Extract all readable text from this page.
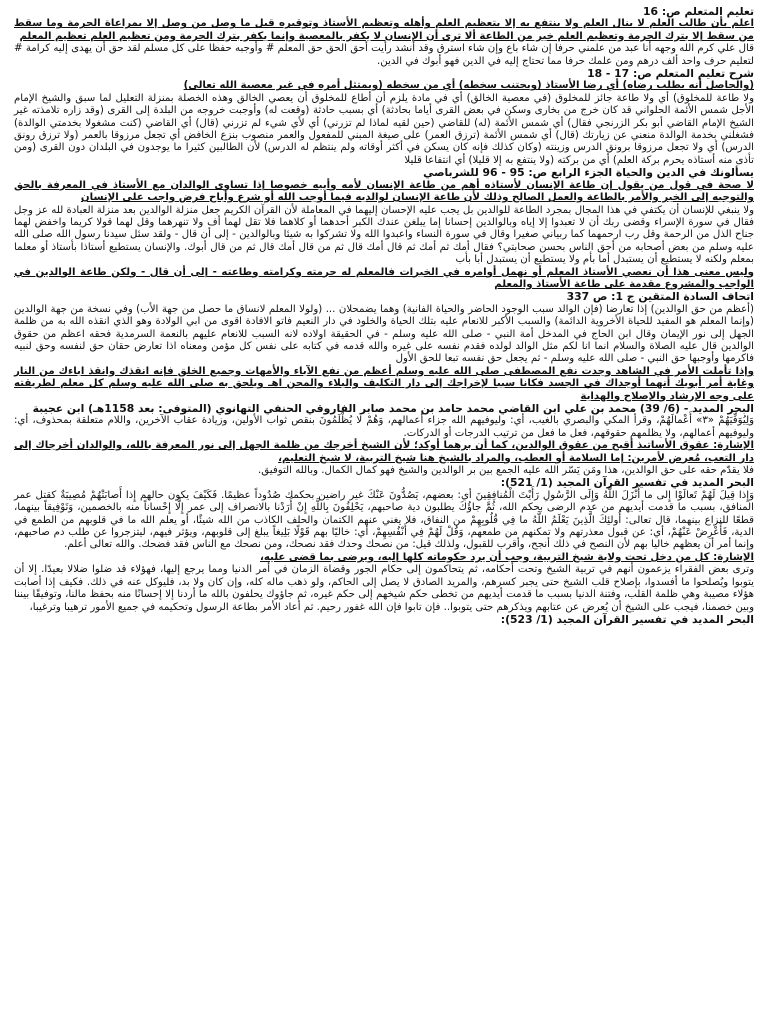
تعليم المتعلم ص: 16
اعلم بأن طالب العلم لا ينال العلم ولا ينتفع به إلا بتعظيم العلم وأهله وتعظيم الأستاذ وتوقيره قيل ما وصل من وصل إلا بمراعاة الحرمة وما سقط من سقط إلا بترك الحرمة وتعظيم العلم خير من الطاعة ألا ترى أن الإنسان لا يكفر بالمعصية وإنما يكفر بترك الحرمة ومن تعظيم العلم تعظيم المعلم

قال علي كرم الله وجهه أنا عبد من علمني حرفا إن شاء باع وإن شاء استرق وقد أنشد رأيت أحق الحق حق المعلم # وأوجبه حفظا على كل مسلم لقد حق أن يهدى إليه كرامة # لتعليم حرف واحد ألف درهم ومن علمك حرفا مما تحتاج إليه في الدين فهو أبوك في الدين.

شرح تعليم المتعلم ص: 17 - 18
(والحاصل أنه يطلب رضاه) أي رضا الأستاذ (ويجتنب سخطه) أي من سخطه (ويمتثل أمره في غير معصية الله تعالى)

ولا طاعة للمخلوق) أي ولا طاعة جائز للمخلوق (في معصية الخالق) أي في مادة يلزم أن أطاع للمخلوق أن يعصي الخالق وهذه الخصلة بمنزلة التعليل لما سبق والشيخ الإمام الأجل شمس الأئمة الحلواني قد كان خرج من بخارى وسكن في بعض القرى أياما بحادثة) أي بسبب حادثة (وقعت له) وأوجبت خروجه من البلدة إلى القرى (وقد زاره تلامذته غير الشيخ الإمام القاضي أبو بكر الزرنجي فقال) أي شمس الأئمة (له) للقاضي (حين لقيه لماذا لم تزرني) أي لأي شيء لم تزرني (قال) أي القاضي (كنت مشغولا بخدمتي الوالدة) فشغلني بخدمة الوالدة منعني عن زيارتك (قال) أي شمس الأئمة (ترزق العمر) على صيغة المبني للمفعول والعمر منصوب بنزع الخافض أي تجعل مرزوقا بالعمر (ولا ترزق رونق الدرس) أي ولا تجعل مرزوقا برونق الدرس وزينته (وكان كذلك فإنه كان يسكن في أكثر أوقاته ولم ينتظم له الدرس) لأن الطالبين كثيرا ما يوجدون في البلدان دون القرى (ومن تأذى منه أستاذه يحرم بركة العلم) أي من بركته (ولا ينتفع به إلا قليلا) أي انتفاعا قليلا

يسألونك في الدين والحياة الجزء الرابع ص: 95 - 96 للشرباصي
لا صحة في قول من يقول إن طاعة الإنسان لأستاذه أهم من طاعة الإنسان لأمه وأبيه خصوصا إذا تساوى الوالدان مع الأستاذ في المعرفة بالحق والتوجيه إلى الخير والأمر بالطاعة والعمل الصالح وذلك لأن طاعة الإنسان لوالديه فيما أوجب الله أو شرع وأباح فرض واجب على الإنسان

ولا ينبغي للإنسان أن يكتفي في هذا المجال بمجرد الطاعة للوالدين بل يجب عليه الإحسان إليهما في المعاملة لأن القرآن الكريم جعل منزلة الوالدين بعد منزلة العبادة لله عز وجل فقال في سورة الإسراء وقضى ربك أن لا تعبدوا إلا إياه وبالوالدين إحسانا إما يبلغن عندك الكبر أحدهما أو كلاهما فلا تقل لهما أف ولا تنهرهما وقل لهما قولا كريما واخفض لهما جناح الذل من الرحمة وقل رب ارحمهما كما ربياني صغيرا وقال في سورة النساء واعبدوا الله ولا تشركوا به شيئا وبالوالدين - إلى أن قال - ولقد سئل سيدنا رسول الله صلى الله عليه وسلم من بعض أصحابه من أحق الناس بحسن صحابتي؟ فقال أمك ثم أمك ثم قال أمك قال ثم من قال أمك قال ثم من قال أبوك. والإنسان يستطيع أستاذا بأستاذ أو معلما بمعلم ولكنه لا يستطيع أن يستبدل أما بأم ولا يستطيع أن يستبدل أبا بأب

وليس معنى هذا أن نعصي الأستاذ المعلم أو نهمل أوامره في الخيرات فالمعلم له حرمته وكرامته وطاعته - إلى أن قال - ولكن طاعة الوالدين في الواجب والمشروع مقدمة على طاعة الأستاذ والمعلم
اتحاف السادة المتقين ج 1: ص 337

(أعظم من حق الوالدين) إذا تعارضا (فإن الوالد سبب الوجود الحاضر والحياة الفانية) وهما يضمحلان ... (ولولا المعلم لانساق ما حصل من جهة الأب) وفي نسخة من جهة الوالدين (وإنما المعلم هو المفيد للحياة الأخروية الدائمة) والسبب الأكبر للانعام عليه بتلك الحياة والخلود في دار النعيم فاتو الافادة اقوى من ابي الولادة وهو الذي انقذه الله به من ظلمة الجهل إلى نور الإيمان وقال ابن الحاج في المدخل أمة النبي - صلى الله عليه وسلم - في الحقيقة اولاده لانه السبب للانعام عليهم بالنعمة السرمدية فحقه اعظم من حقوق الوالدين قال عليه الصلاة والسلام انما انا لكم مثل الوالد لولده فقدم نفسه على غيره والله قدمه في كتابه على نفس كل مؤمن ومعناه اذا تعارض حقان حق لنفسه وحق لنبيه فاكرمها وأوجبها حق النبي - صلى الله عليه وسلم - ثم يجعل حق نفسه تبعا للحق الأول

وإذا تأملت الأمر في الشاهد وجدت نفع المصطفى صلى الله عليه وسلم أعظم من نفع الآباء والأمهات وجميع الخلق فإنه انقذك وانقذ اباءك من النار وغاية أمر أبويك أنهما أوجداك في الجسد فكانا سببا لإخراجك إلى دار التكليف والبلاء والمحن اهـ ويلحق به صلى الله عليه وسلم كل معلم لطريقته على وجه الإرشاد والإصلاح والهداية
البحر المديد - (6/ 39) محمد بن علي ابن القاضي محمد حامد بن محمد صابر الفاروقي الحنفي التهانوي (المتوفى: بعد 1158هـ) ابن عجيبة

وَلِيُوَفِّيَهُمْ «٣» أَعْمالَهُمْ، وقرأ المكي والبصري بالغيب، أي: وليوفيهم الله جزاء أعمالهم، وَهُمْ لا يُظْلَمُونَ بنقص ثواب الأولين، وزيادة عقاب الآخرين، واللام متعلقة بمحذوف، أي: وليوفيهم أعمالهم، ولا يظلمهم حقوقهم، فعل ما فعل من ترتيب الدرجات أو الدركات.

الإشارة: عقوق الأساتيذ أقبح من عقوق الوالدين، كما أن برهما أوكد؛ لأن الشيخ أخرجك من ظلمة الجهل إلى نور المعرفة بالله، والوالدان أخرجاك إلى دار التعب، مُعرض لأمرين: إما السلامة أو العطب، والمراد بالشيخ هنا شيخ التربية، لا شيخ التعليم،

فلا يقدّم حقه على حق الوالدين، هذا ومَن يَسّر الله عليه الجمع بين بر الوالدين والشيخ فهو كمال الكمال. وبالله التوفيق.

البحر المديد في تفسير القرآن المجيد (1/ 521):

وَإِذا قِيلَ لَهُمْ تَعالَوْا إِلى ما أَنْزَلَ اللَّهُ وَإِلَى الرَّسُولِ رَأَيْتَ الْمُنافِقِينَ أي: بعضهم، يَصُدُّونَ عَنْكَ غير راضين بحكمك صُدُوداً عظيمًا. فَكَيْفَ يكون حالهم إِذا أَصابَتْهُمْ مُصِيبَةٌ كقتل عمر المنافق، بسبب ما قدمت أيديهم من عدم الرضى بحكم الله، ثُمَّ جاؤُكَ يطلبون دية صاحبهم، يَحْلِفُونَ بِاللَّهِ إِنْ أَرَدْنا بالانصراف إلى عمر إِلَّا إِحْساناً منه بالخصمين، وَتَوْفِيقاً بينهما، قطعًا للنزاع بينهما، قال تعالى: أُولئِكَ الَّذِينَ يَعْلَمُ اللَّهُ ما فِي قُلُوبِهِمْ من النفاق، فلا يغني عنهم الكتمان والحلف الكاذب من الله شيئًا، أو يعلم الله ما في قلوبهم من الطمع في الدية، فَأَعْرِضْ عَنْهُمْ، أي: عن قبول معذرتهم ولا تمكنهم من طمعهم، وَقُلْ لَهُمْ فِي أَنْفُسِهِمْ، أي: خاليًا بهم قَوْلًا بَلِيغاً يبلغ إلى قلوبهم، ويؤثر فيهم، ليتزجروا عن طلب دم صاحبهم، وإنما أمر أن يعظهم خاليا بهم لأن النصح في ذلك أنجح، وأقرب للقبول، ولذلك قيل: من نصحك وحدك فقد نصحك، ومن نصحك مع الناس فقد فضحك. والله تعالى أعلم.

الإشارة: كل من دخل تحت ولاية شيخ التربية، وجب أن يرد حكوماته كلها إليه، ويرضى بما قضى عليه،

وترى بعض الفقراء يزعمون أنهم في تربية الشيخ وتحت أحكامه، ثم يتحاكمون إلى حكام الجور وقضاة الزمان في أمر الدنيا ومما يرجع إليها، فهؤلاء قد ضلوا ضلالا بعيدًا. إلا أن يتوبوا ويُصلحوا ما أفسدوا، بإصلاح قلب الشيخ حتى يجبر كسرهم، والمريد الصادق لا يصل إلى الحاكم، ولو ذهب ماله كله، وإن كان ولا بد، فليوكل عنه في ذلك. فكيف إذا أصابت هؤلاء مصيبة وهي ظلمة القلب، وفتنة الدنيا بسبب ما قدمت أيديهم من تخطى حكم شيخهم إلى حكم غيره، ثم جاؤوك يحلفون بالله ما أردنا إلا إحسانًا منه بحفظ مالنا، وتوفيقًا بيننا وبين خصمنا، فيجب على الشيخ أن يُعرض عن عتابهم ويذكرهم حتى يتوبوا.. فإن تابوا فإن الله غفور رحيم. ثم أعاد الأمر بطاعة الرسول وتحكيمه في جميع الأمور ترهيبا وترغيبا،

البحر المديد في تفسير القرآن المجيد (1/ 523):
